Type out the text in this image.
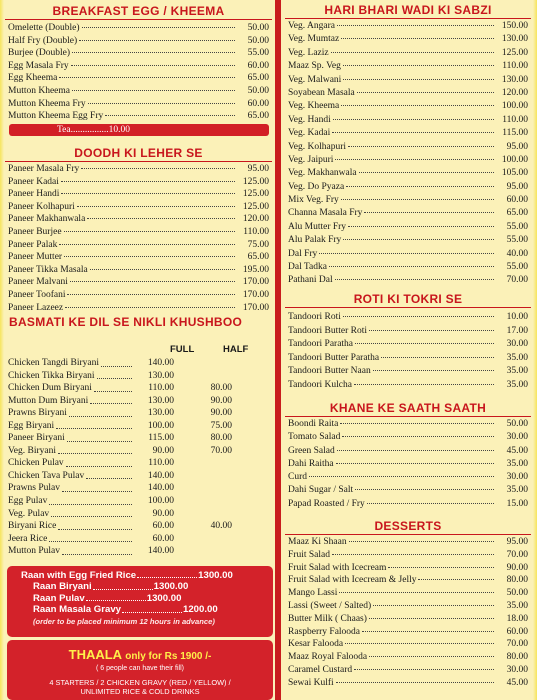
BREAKFAST EGG / KHEEMA
Omelette (Double)	50.00
Half Fry (Double)	50.00
Burjee (Double)	55.00
Egg Masala Fry	60.00
Egg Kheema	65.00
Mutton Kheema	50.00
Mutton Kheema Fry	60.00
Mutton Kheema Egg Fry	65.00
Tea................10.00
DOODH KI LEHER SE
Paneer Masala Fry	95.00
Paneer Kadai	125.00
Paneer Handi	125.00
Paneer Kolhapuri	125.00
Paneer Makhanwala	120.00
Paneer Burjee	110.00
Paneer Palak	75.00
Paneer Mutter	65.00
Paneer Tikka Masala	195.00
Paneer Malvani	170.00
Paneer Toofani	170.00
Paneer Lazeez	170.00
BASMATI KE DIL SE NIKLI KHUSHBOO
FULL	HALF
Chicken Tangdi Biryani	140.00
Chicken Tikka Biryani	130.00
Chicken Dum Biryani	110.00	80.00
Mutton Dum Biryani	130.00	90.00
Prawns Biryani	130.00	90.00
Egg Biryani	100.00	75.00
Paneer Biryani	115.00	80.00
Veg. Biryani	90.00	70.00
Chicken Pulav	110.00
Chicken Tava Pulav	140.00
Prawns Pulav	140.00
Egg Pulav	100.00
Veg. Pulav	90.00
Biryani Rice	60.00	40.00
Jeera Rice	60.00
Mutton Pulav	140.00
Raan with Egg Fried Rice	1300.00
Raan Biryani	1300.00
Raan Pulav	1300.00
Raan Masala Gravy	1200.00
(order to be placed minimum 12 hours in advance)
THAALA only for Rs 1900 /-
( 6 people can have their fill)
4 STARTERS / 2 CHICKEN GRAVY (RED / YELLOW) /
UNLIMITED RICE & COLD DRINKS
HARI BHARI WADI KI SABZI
Veg. Angara	150.00
Veg. Mumtaz	130.00
Veg. Laziz	125.00
Maaz Sp. Veg	110.00
Veg. Malwani	130.00
Soyabean Masala	120.00
Veg. Kheema	100.00
Veg. Handi	110.00
Veg. Kadai	115.00
Veg. Kolhapuri	95.00
Veg. Jaipuri	100.00
Veg. Makhanwala	105.00
Veg. Do Pyaza	95.00
Mix Veg. Fry	60.00
Channa Masala Fry	65.00
Alu Mutter Fry	55.00
Alu Palak Fry	55.00
Dal Fry	40.00
Dal Tadka	55.00
Pathani Dal	70.00
ROTI KI TOKRI SE
Tandoori Roti	10.00
Tandoori Butter Roti	17.00
Tandoori Paratha	30.00
Tandoori Butter Paratha	35.00
Tandoori Butter Naan	35.00
Tandoori Kulcha	35.00
KHANE KE SAATH SAATH
Boondi Raita	50.00
Tomato Salad	30.00
Green Salad	45.00
Dahi Raitha	35.00
Curd	30.00
Dahi Sugar / Salt	35.00
Papad Roasted / Fry	15.00
DESSERTS
Maaz Ki Shaan	95.00
Fruit Salad	70.00
Fruit Salad with Icecream	90.00
Fruit Salad with Icecream & Jelly	80.00
Mango Lassi	50.00
Lassi (Sweet / Salted)	35.00
Butter Milk ( Chaas)	18.00
Raspberry Falooda	60.00
Kesar Falooda	70.00
Maaz Royal Falooda	80.00
Caramel Custard	30.00
Sewai Kulfi	45.00
